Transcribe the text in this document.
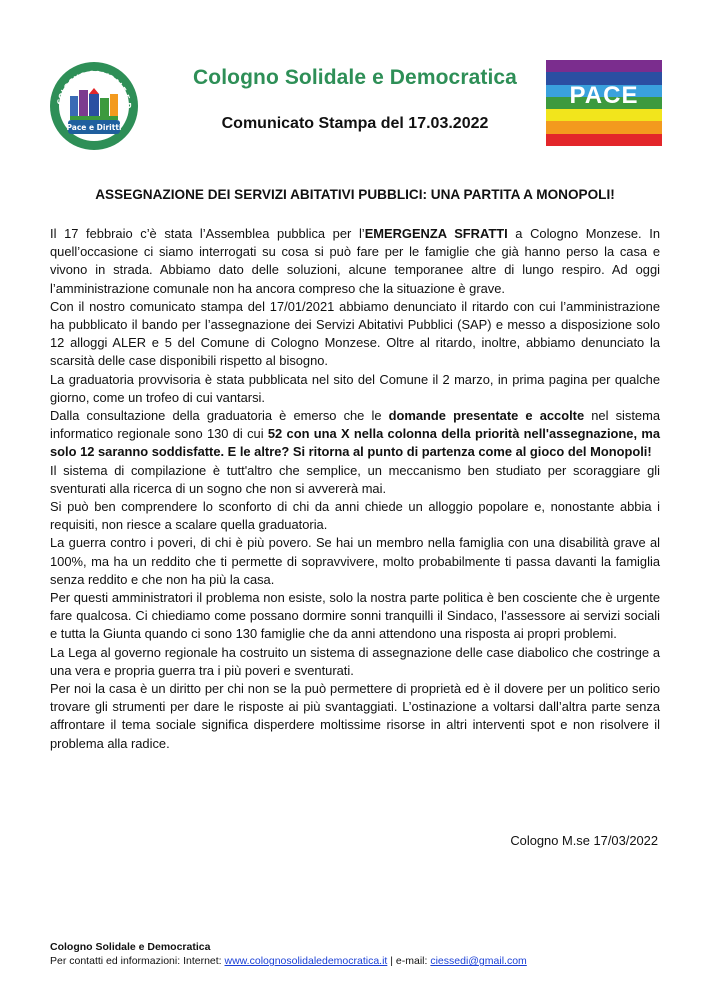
COLOGNO SOLIDALE E D
Pace e Diritti
Cologno Solidale e Democratica
Comunicato Stampa del 17.03.2022
PACE
ASSEGNAZIONE DEI SERVIZI ABITATIVI PUBBLICI: UNA PARTITA A MONOPOLI!

Il 17 febbraio c’è stata l’Assemblea pubblica per l’EMERGENZA SFRATTI a Cologno Monzese. In quell’occasione ci siamo interrogati su cosa si può fare per le famiglie che già hanno perso la casa e vivono in strada. Abbiamo dato delle soluzioni, alcune temporanee altre di lungo respiro. Ad oggi l’amministrazione comunale non ha ancora compreso che la situazione è grave.

Con il nostro comunicato stampa del 17/01/2021 abbiamo denunciato il ritardo con cui l’amministrazione ha pubblicato il bando per l’assegnazione dei Servizi Abitativi Pubblici (SAP) e messo a disposizione solo 12 alloggi ALER e 5 del Comune di Cologno Monzese. Oltre al ritardo, inoltre, abbiamo denunciato la scarsità delle case disponibili rispetto al bisogno.

La graduatoria provvisoria è stata pubblicata nel sito del Comune il 2 marzo, in prima pagina per qualche giorno, come un trofeo di cui vantarsi.

Dalla consultazione della graduatoria è emerso che le domande presentate e accolte nel sistema informatico regionale sono 130 di cui 52 con una X nella colonna della priorità nell'assegnazione, ma solo 12 saranno soddisfatte. E le altre? Si ritorna al punto di partenza come al gioco del Monopoli!

Il sistema di compilazione è tutt'altro che semplice, un meccanismo ben studiato per scoraggiare gli sventurati alla ricerca di un sogno che non si avvererà mai.

Si può ben comprendere lo sconforto di chi da anni chiede un alloggio popolare e, nonostante abbia i requisiti, non riesce a scalare quella graduatoria.

La guerra contro i poveri, di chi è più povero. Se hai un membro nella famiglia con una disabilità grave al 100%, ma ha un reddito che ti permette di sopravvivere, molto probabilmente ti passa davanti la famiglia senza reddito e che non ha più la casa.

Per questi amministratori il problema non esiste, solo la nostra parte politica è ben cosciente che è urgente fare qualcosa. Ci chiediamo come possano dormire sonni tranquilli il Sindaco, l’assessore ai servizi sociali e tutta la Giunta quando ci sono 130 famiglie che da anni attendono una risposta ai propri problemi.

La Lega al governo regionale ha costruito un sistema di assegnazione delle case diabolico che costringe a una vera e propria guerra tra i più poveri e sventurati.

Per noi la casa è un diritto per chi non se la può permettere di proprietà ed è il dovere per un politico serio trovare gli strumenti per dare le risposte ai più svantaggiati. L’ostinazione a voltarsi dall’altra parte senza affrontare il tema sociale significa disperdere moltissime risorse in altri interventi spot e non risolvere il problema alla radice.

Cologno M.se 17/03/2022
Cologno Solidale e Democratica
Per contatti ed informazioni: Internet: www.colognosolidaledemocratica.it | e-mail: ciessedi@gmail.com
